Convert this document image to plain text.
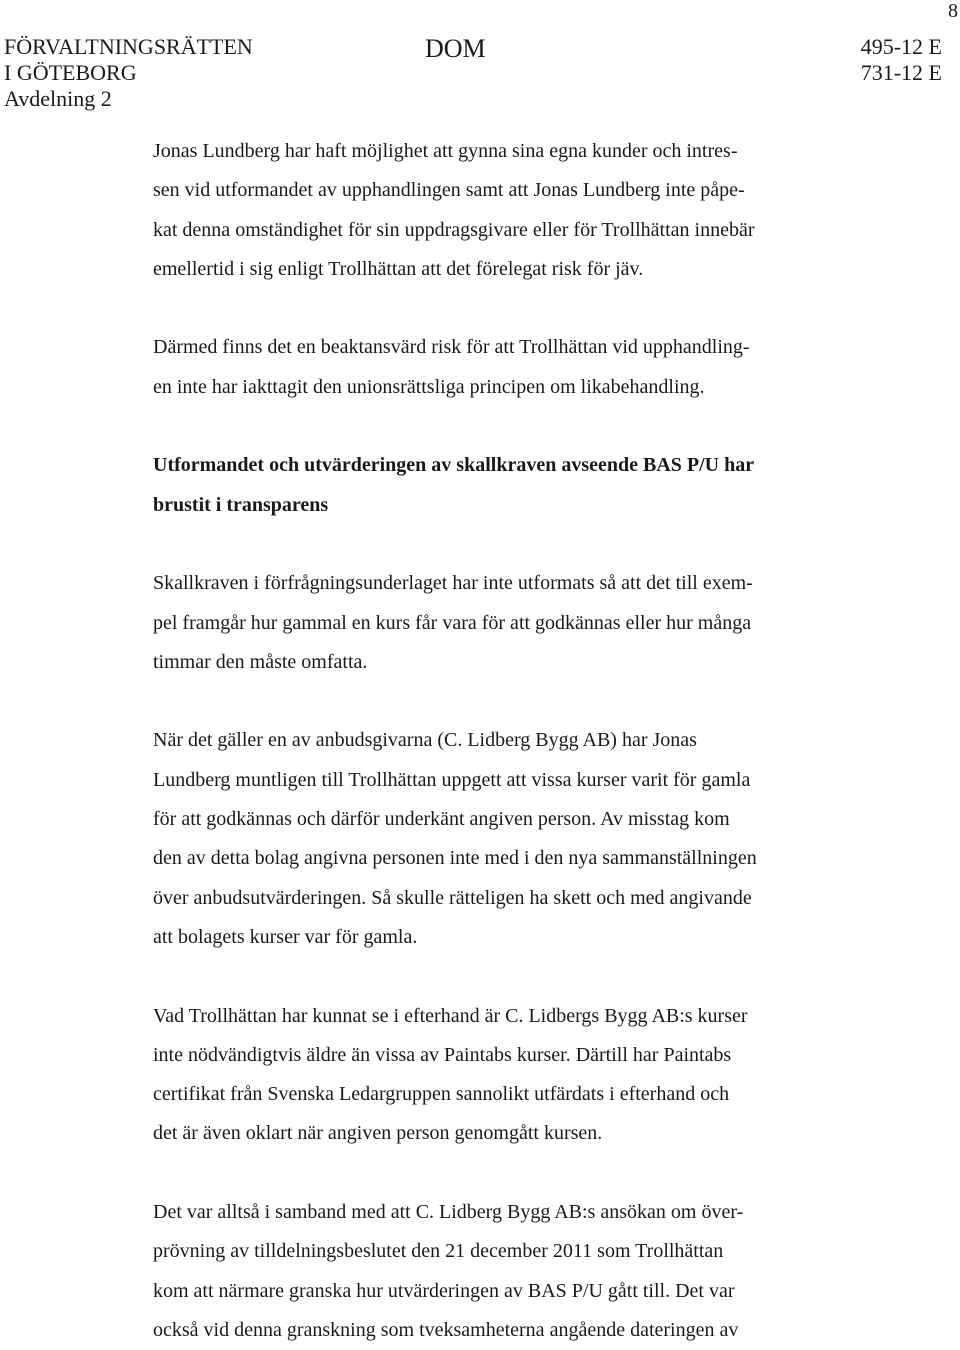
FÖRVALTNINGSRÄTTEN
I GÖTEBORG
Avdelning 2
DOM	495-12 E
731-12 E
8
Jonas Lundberg har haft möjlighet att gynna sina egna kunder och intres-
sen vid utformandet av upphandlingen samt att Jonas Lundberg inte påpe-
kat denna omständighet för sin uppdragsgivare eller för Trollhättan innebär
emellertid i sig enligt Trollhättan att det förelegat risk för jäv.
Därmed finns det en beaktansvärd risk för att Trollhättan vid upphandling-
en inte har iakttagit den unionsrättsliga principen om likabehandling.
Utformandet och utvärderingen av skallkraven avseende BAS P/U har
brustit i transparens
Skallkraven i förfrågningsunderlaget har inte utformats så att det till exem-
pel framgår hur gammal en kurs får vara för att godkännas eller hur många
timmar den måste omfatta.
När det gäller en av anbudsgivarna (C. Lidberg Bygg AB) har Jonas
Lundberg muntligen till Trollhättan uppgett att vissa kurser varit för gamla
för att godkännas och därför underkänt angiven person. Av misstag kom
den av detta bolag angivna personen inte med i den nya sammanställningen
över anbudsutvärderingen. Så skulle rätteligen ha skett och med angivande
att bolagets kurser var för gamla.
Vad Trollhättan har kunnat se i efterhand är C. Lidbergs Bygg AB:s kurser
inte nödvändigtvis äldre än vissa av Paintabs kurser. Därtill har Paintabs
certifikat från Svenska Ledargruppen sannolikt utfärdats i efterhand och
det är även oklart när angiven person genomgått kursen.
Det var alltså i samband med att C. Lidberg Bygg AB:s ansökan om över-
prövning av tilldelningsbeslutet den 21 december 2011 som Trollhättan
kom att närmare granska hur utvärderingen av BAS P/U gått till. Det var
också vid denna granskning som tveksamheterna angående dateringen av
